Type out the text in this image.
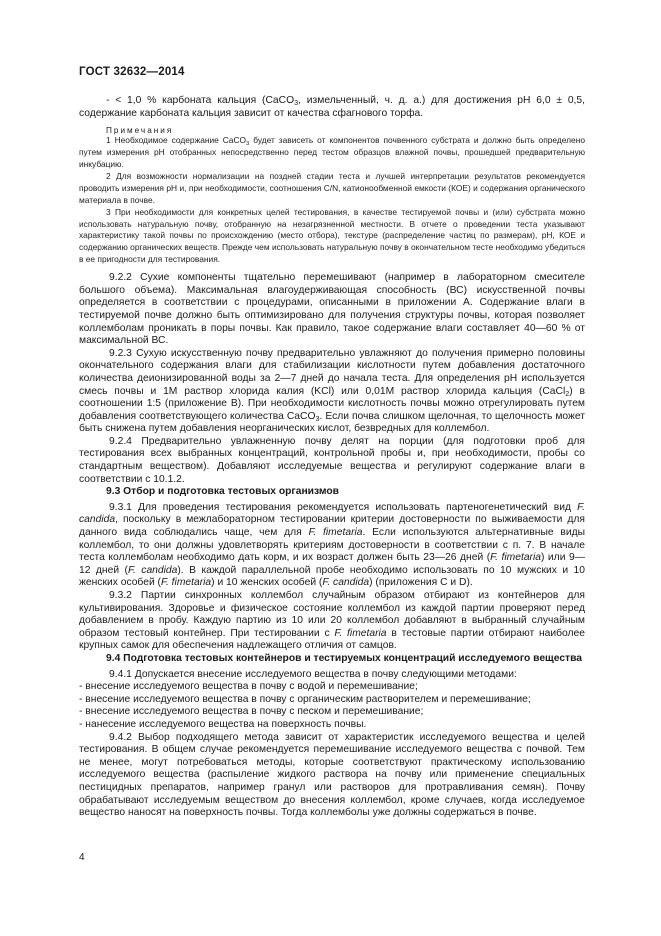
ГОСТ 32632—2014

- < 1,0 % карбоната кальция (CaCO$_3$, измельченный, ч. д. а.) для достижения pH 6,0 ± 0,5, содержание карбоната кальция зависит от качества сфагнового торфа.

Примечания

1 Необходимое содержание CaCO$_3$ будет зависеть от компонентов почвенного субстрата и должно быть определено путем измерения pH отобранных непосредственно перед тестом образцов влажной почвы, прошедшей предварительную инкубацию.

2 Для возможности нормализации на поздней стадии теста и лучшей интерпретации результатов рекомендуется проводить измерения pH и, при необходимости, соотношения C/N, катионообменной емкости (КОЕ) и содержания органического материала в почве.

3 При необходимости для конкретных целей тестирования, в качестве тестируемой почвы и (или) субстрата можно использовать натуральную почву, отобранную на незагрязненной местности. В отчете о проведении теста указывают характеристику такой почвы по происхождению (место отбора), текстуре (распределение частиц по размерам), pH, КОЕ и содержанию органических веществ. Прежде чем использовать натуральную почву в окончательном тесте необходимо убедиться в ее пригодности для тестирования.

9.2.2 Сухие компоненты тщательно перемешивают (например в лабораторном смесителе большого объема). Максимальная влагоудерживающая способность (ВС) искусственной почвы определяется в соответствии с процедурами, описанными в приложении А. Содержание влаги в тестируемой почве должно быть оптимизировано для получения структуры почвы, которая позволяет коллемболам проникать в поры почвы. Как правило, такое содержание влаги составляет 40—60 % от максимальной ВС.

9.2.3 Сухую искусственную почву предварительно увлажняют до получения примерно половины окончательного содержания влаги для стабилизации кислотности путем добавления достаточного количества деионизированной воды за 2—7 дней до начала теста. Для определения pH используется смесь почвы и 1M раствор хлорида калия (KCl) или 0,01M раствор хлорида кальция (CaCl$_2$) в соотношении 1:5 (приложение В). При необходимости кислотность почвы можно отрегулировать путем добавления соответствующего количества CaCO$_3$. Если почва слишком щелочная, то щелочность может быть снижена путем добавления неорганических кислот, безвредных для коллембол.

9.2.4 Предварительно увлажненную почву делят на порции (для подготовки проб для тестирования всех выбранных концентраций, контрольной пробы и, при необходимости, пробы со стандартным веществом). Добавляют исследуемые вещества и регулируют содержание влаги в соответствии с 10.1.2.

9.3 Отбор и подготовка тестовых организмов

9.3.1 Для проведения тестирования рекомендуется использовать партеногенетический вид F. candida, поскольку в межлабораторном тестировании критерии достоверности по выживаемости для данного вида соблюдались чаще, чем для F. fimetaria. Если используются альтернативные виды коллембол, то они должны удовлетворять критериям достоверности в соответствии с п. 7. В начале теста коллемболам необходимо дать корм, и их возраст должен быть 23—26 дней (F. fimetaria) или 9—12 дней (F. candida). В каждой параллельной пробе необходимо использовать по 10 мужских и 10 женских особей (F. fimetaria) и 10 женских особей (F. candida) (приложения С и D).

9.3.2 Партии синхронных коллембол случайным образом отбирают из контейнеров для культивирования. Здоровье и физическое состояние коллембол из каждой партии проверяют перед добавлением в пробу. Каждую партию из 10 или 20 коллембол добавляют в выбранный случайным образом тестовый контейнер. При тестировании с F. fimetaria в тестовые партии отбирают наиболее крупных самок для обеспечения надлежащего отличия от самцов.

9.4 Подготовка тестовых контейнеров и тестируемых концентраций исследуемого вещества

9.4.1 Допускается внесение исследуемого вещества в почву следующими методами:

- внесение исследуемого вещества в почву с водой и перемешивание;

- внесение исследуемого вещества в почву с органическим растворителем и перемешивание;

- внесение исследуемого вещества в почву с песком и перемешивание;

- нанесение исследуемого вещества на поверхность почвы.

9.4.2 Выбор подходящего метода зависит от характеристик исследуемого вещества и целей тестирования. В общем случае рекомендуется перемешивание исследуемого вещества с почвой. Тем не менее, могут потребоваться методы, которые соответствуют практическому использованию исследуемого вещества (распыление жидкого раствора на почву или применение специальных пестицидных препаратов, например гранул или растворов для протравливания семян). Почву обрабатывают исследуемым веществом до внесения коллембол, кроме случаев, когда исследуемое вещество наносят на поверхность почвы. Тогда коллемболы уже должны содержаться в почве.

4
